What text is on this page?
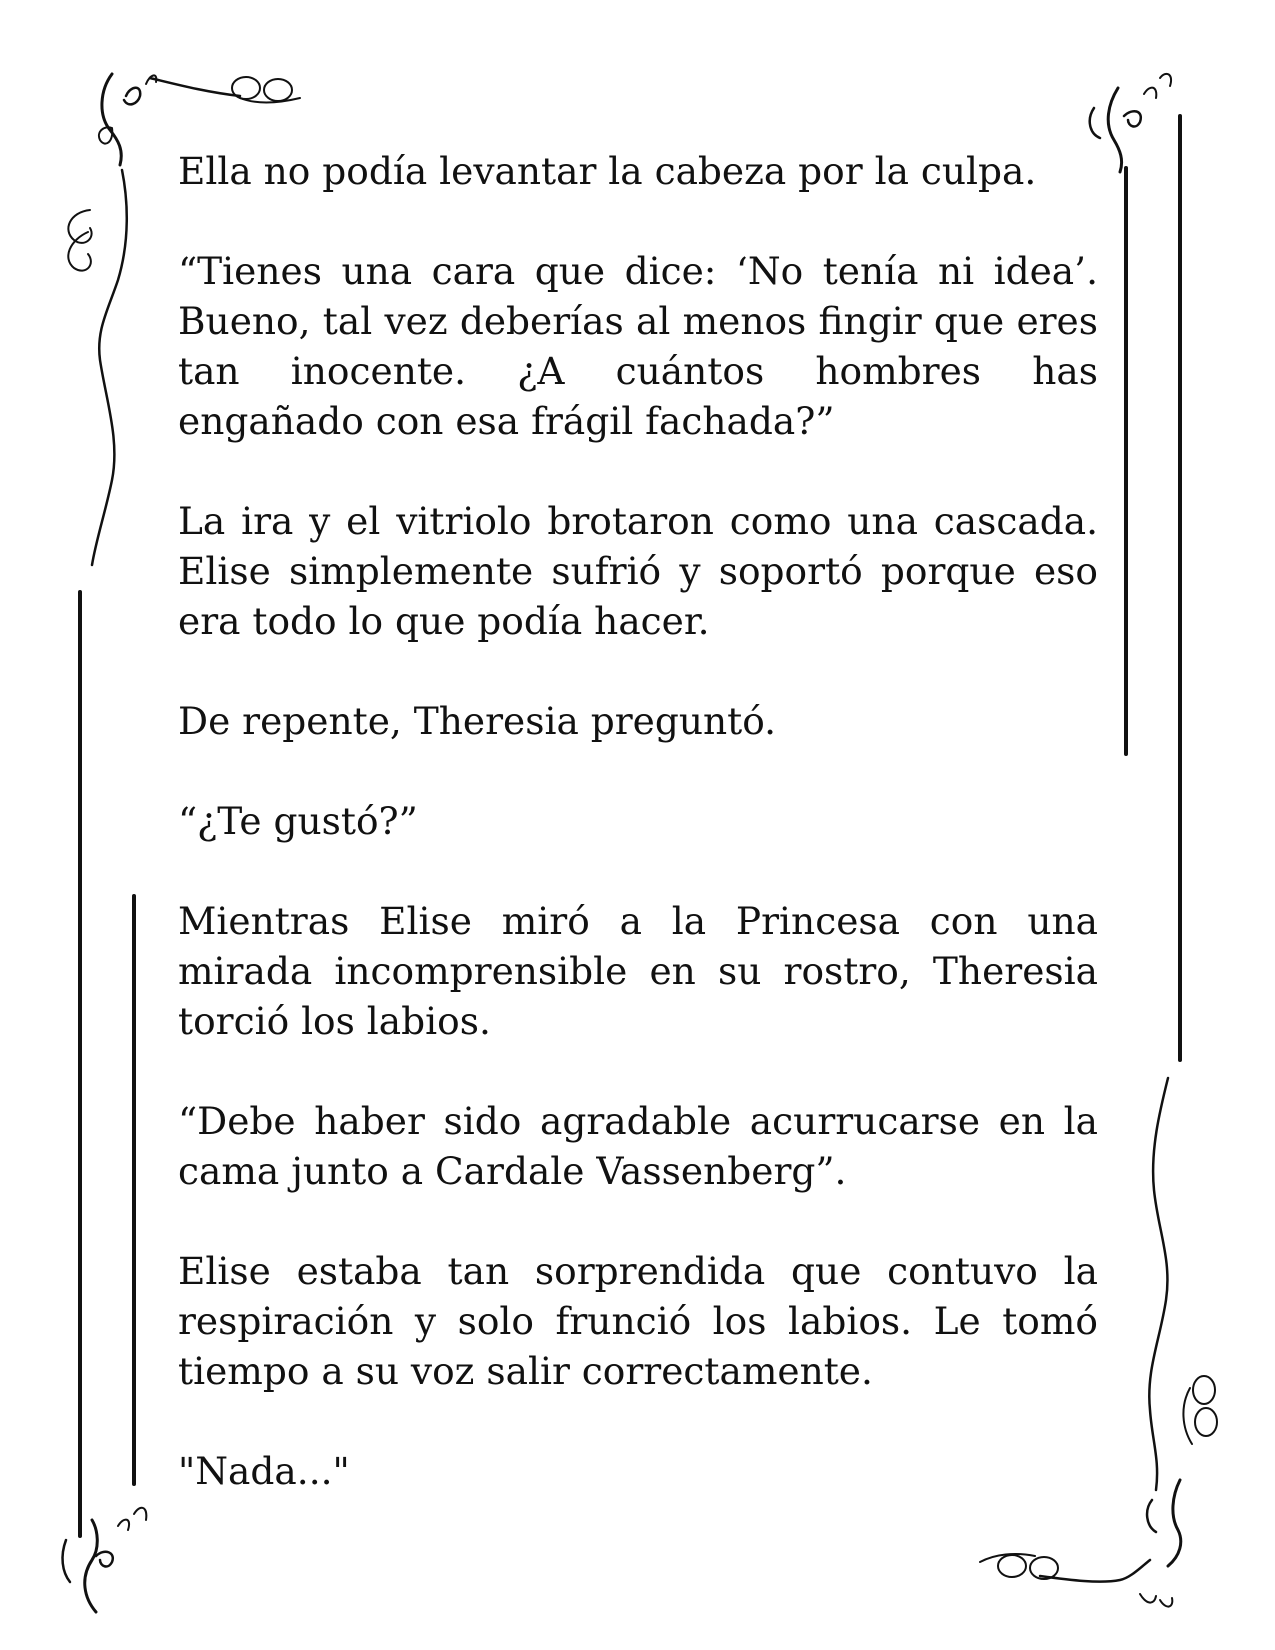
Ella no podía levantar la cabeza por la culpa.

“Tienes una cara que dice: ‘No tenía ni idea’. Bueno, tal vez deberías al menos fingir que eres tan inocente. ¿A cuántos hombres has engañado con esa frágil fachada?”

La ira y el vitriolo brotaron como una cascada. Elise simplemente sufrió y soportó porque eso era todo lo que podía hacer.

De repente, Theresia preguntó.

“¿Te gustó?”

Mientras Elise miró a la Princesa con una mirada incomprensible en su rostro, Theresia torció los labios.

“Debe haber sido agradable acurrucarse en la cama junto a Cardale Vassenberg”.

Elise estaba tan sorprendida que contuvo la respiración y solo frunció los labios. Le tomó tiempo a su voz salir correctamente.

"Nada..."
